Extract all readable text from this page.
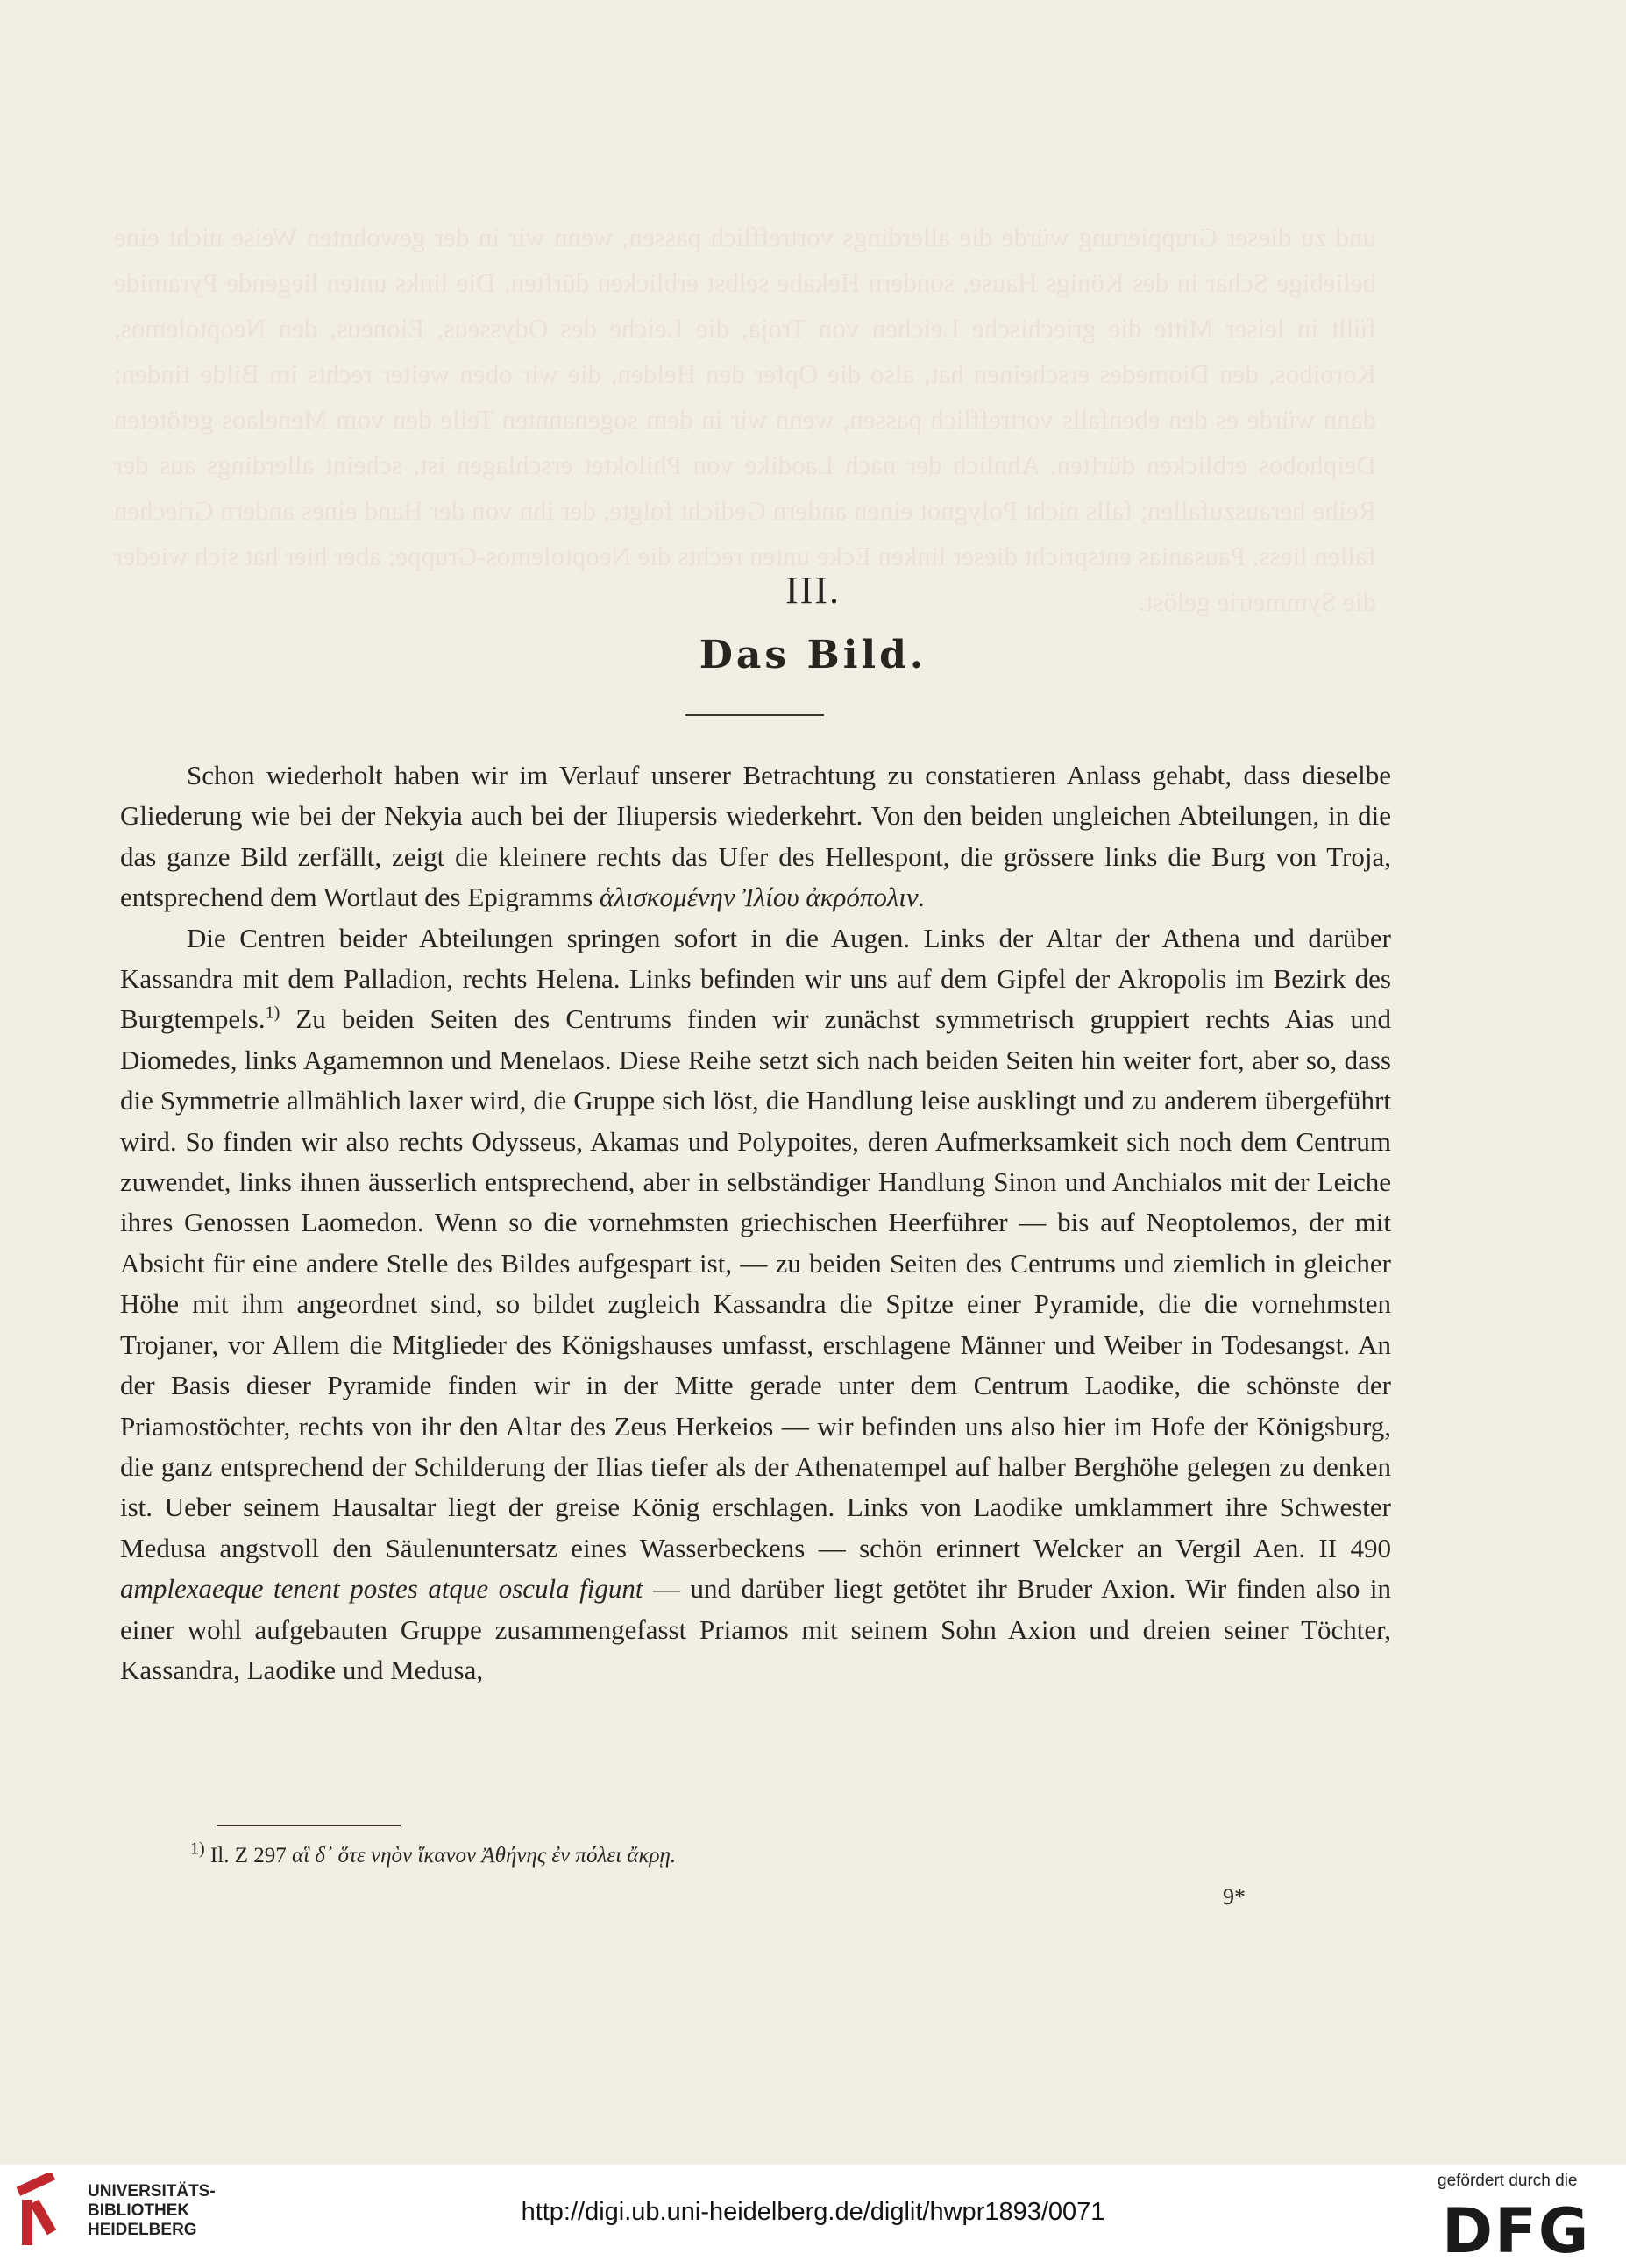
und zu dieser Gruppierung würde die allerdings vortrefflich passen, wenn wir in der gewohnten Weise nicht eine beliebige Schar in des Königs Hause, sondern Hekabe selbst erblicken dürften. Die links unten liegende Pyramide füllt in leiser Mitte die griechische Leichen von Troja, die Leiche des Odysseus, Eioneus, den Neoptolemos, Koroibos, den Diomedes erscheinen hat, also die Opfer den Helden, die wir oben weiter rechts im Bilde finden; dann würde es den ebenfalls vortrefflich passen, wenn wir in dem sogenannten Teile den vom Menelaos getöteten Deiphobos erblicken dürften. Ahnlich der nach Laodike von Philoktet erschlagen ist, scheint allerdings aus der Reihe herauszufallen; falls nicht Polygnot einen andern Gedicht folgte, der ihn von der Hand eines andern Griechen fallen liess. Pausanias entspricht dieser linken Ecke unten rechts die Neoptolemos-Gruppe; aber hier hat sich wieder die Symmetrie gelöst.

III.
Das Bild.

Schon wiederholt haben wir im Verlauf unserer Betrachtung zu constatieren Anlass gehabt, dass dieselbe Gliederung wie bei der Nekyia auch bei der Iliupersis wiederkehrt. Von den beiden ungleichen Abteilungen, in die das ganze Bild zerfällt, zeigt die kleinere rechts das Ufer des Hellespont, die grössere links die Burg von Troja, entsprechend dem Wortlaut des Epigramms ἁλισκομένην Ἰλίου ἀκρόπολιν.

Die Centren beider Abteilungen springen sofort in die Augen. Links der Altar der Athena und darüber Kassandra mit dem Palladion, rechts Helena. Links befinden wir uns auf dem Gipfel der Akropolis im Bezirk des Burgtempels.$^{1)}$ Zu beiden Seiten des Centrums finden wir zunächst symmetrisch gruppiert rechts Aias und Diomedes, links Agamemnon und Menelaos. Diese Reihe setzt sich nach beiden Seiten hin weiter fort, aber so, dass die Symmetrie allmählich laxer wird, die Gruppe sich löst, die Handlung leise ausklingt und zu anderem übergeführt wird. So finden wir also rechts Odysseus, Akamas und Polypoites, deren Aufmerksamkeit sich noch dem Centrum zuwendet, links ihnen äusserlich entsprechend, aber in selbständiger Handlung Sinon und Anchialos mit der Leiche ihres Genossen Laomedon. Wenn so die vornehmsten griechischen Heerführer — bis auf Neoptolemos, der mit Absicht für eine andere Stelle des Bildes aufgespart ist, — zu beiden Seiten des Centrums und ziemlich in gleicher Höhe mit ihm angeordnet sind, so bildet zugleich Kassandra die Spitze einer Pyramide, die die vornehmsten Trojaner, vor Allem die Mitglieder des Königshauses umfasst, erschlagene Männer und Weiber in Todesangst. An der Basis dieser Pyramide finden wir in der Mitte gerade unter dem Centrum Laodike, die schönste der Priamostöchter, rechts von ihr den Altar des Zeus Herkeios — wir befinden uns also hier im Hofe der Königsburg, die ganz entsprechend der Schilderung der Ilias tiefer als der Athenatempel auf halber Berghöhe gelegen zu denken ist. Ueber seinem Hausaltar liegt der greise König erschlagen. Links von Laodike umklammert ihre Schwester Medusa angstvoll den Säulenuntersatz eines Wasserbeckens — schön erinnert Welcker an Vergil Aen. II 490 amplexaeque tenent postes atque oscula figunt — und darüber liegt getötet ihr Bruder Axion. Wir finden also in einer wohl aufgebauten Gruppe zusammengefasst Priamos mit seinem Sohn Axion und dreien seiner Töchter, Kassandra, Laodike und Medusa,

$^{1)}$ Il. Z 297 αἳ δ᾽ ὅτε νηὸν ἵκανον Ἀθήνης ἐν πόλει ἄκρῃ.
9*
UNIVERSITÄTS-
BIBLIOTHEK
HEIDELBERG
http://digi.ub.uni-heidelberg.de/diglit/hwpr1893/0071
gefördert durch die
DFG
